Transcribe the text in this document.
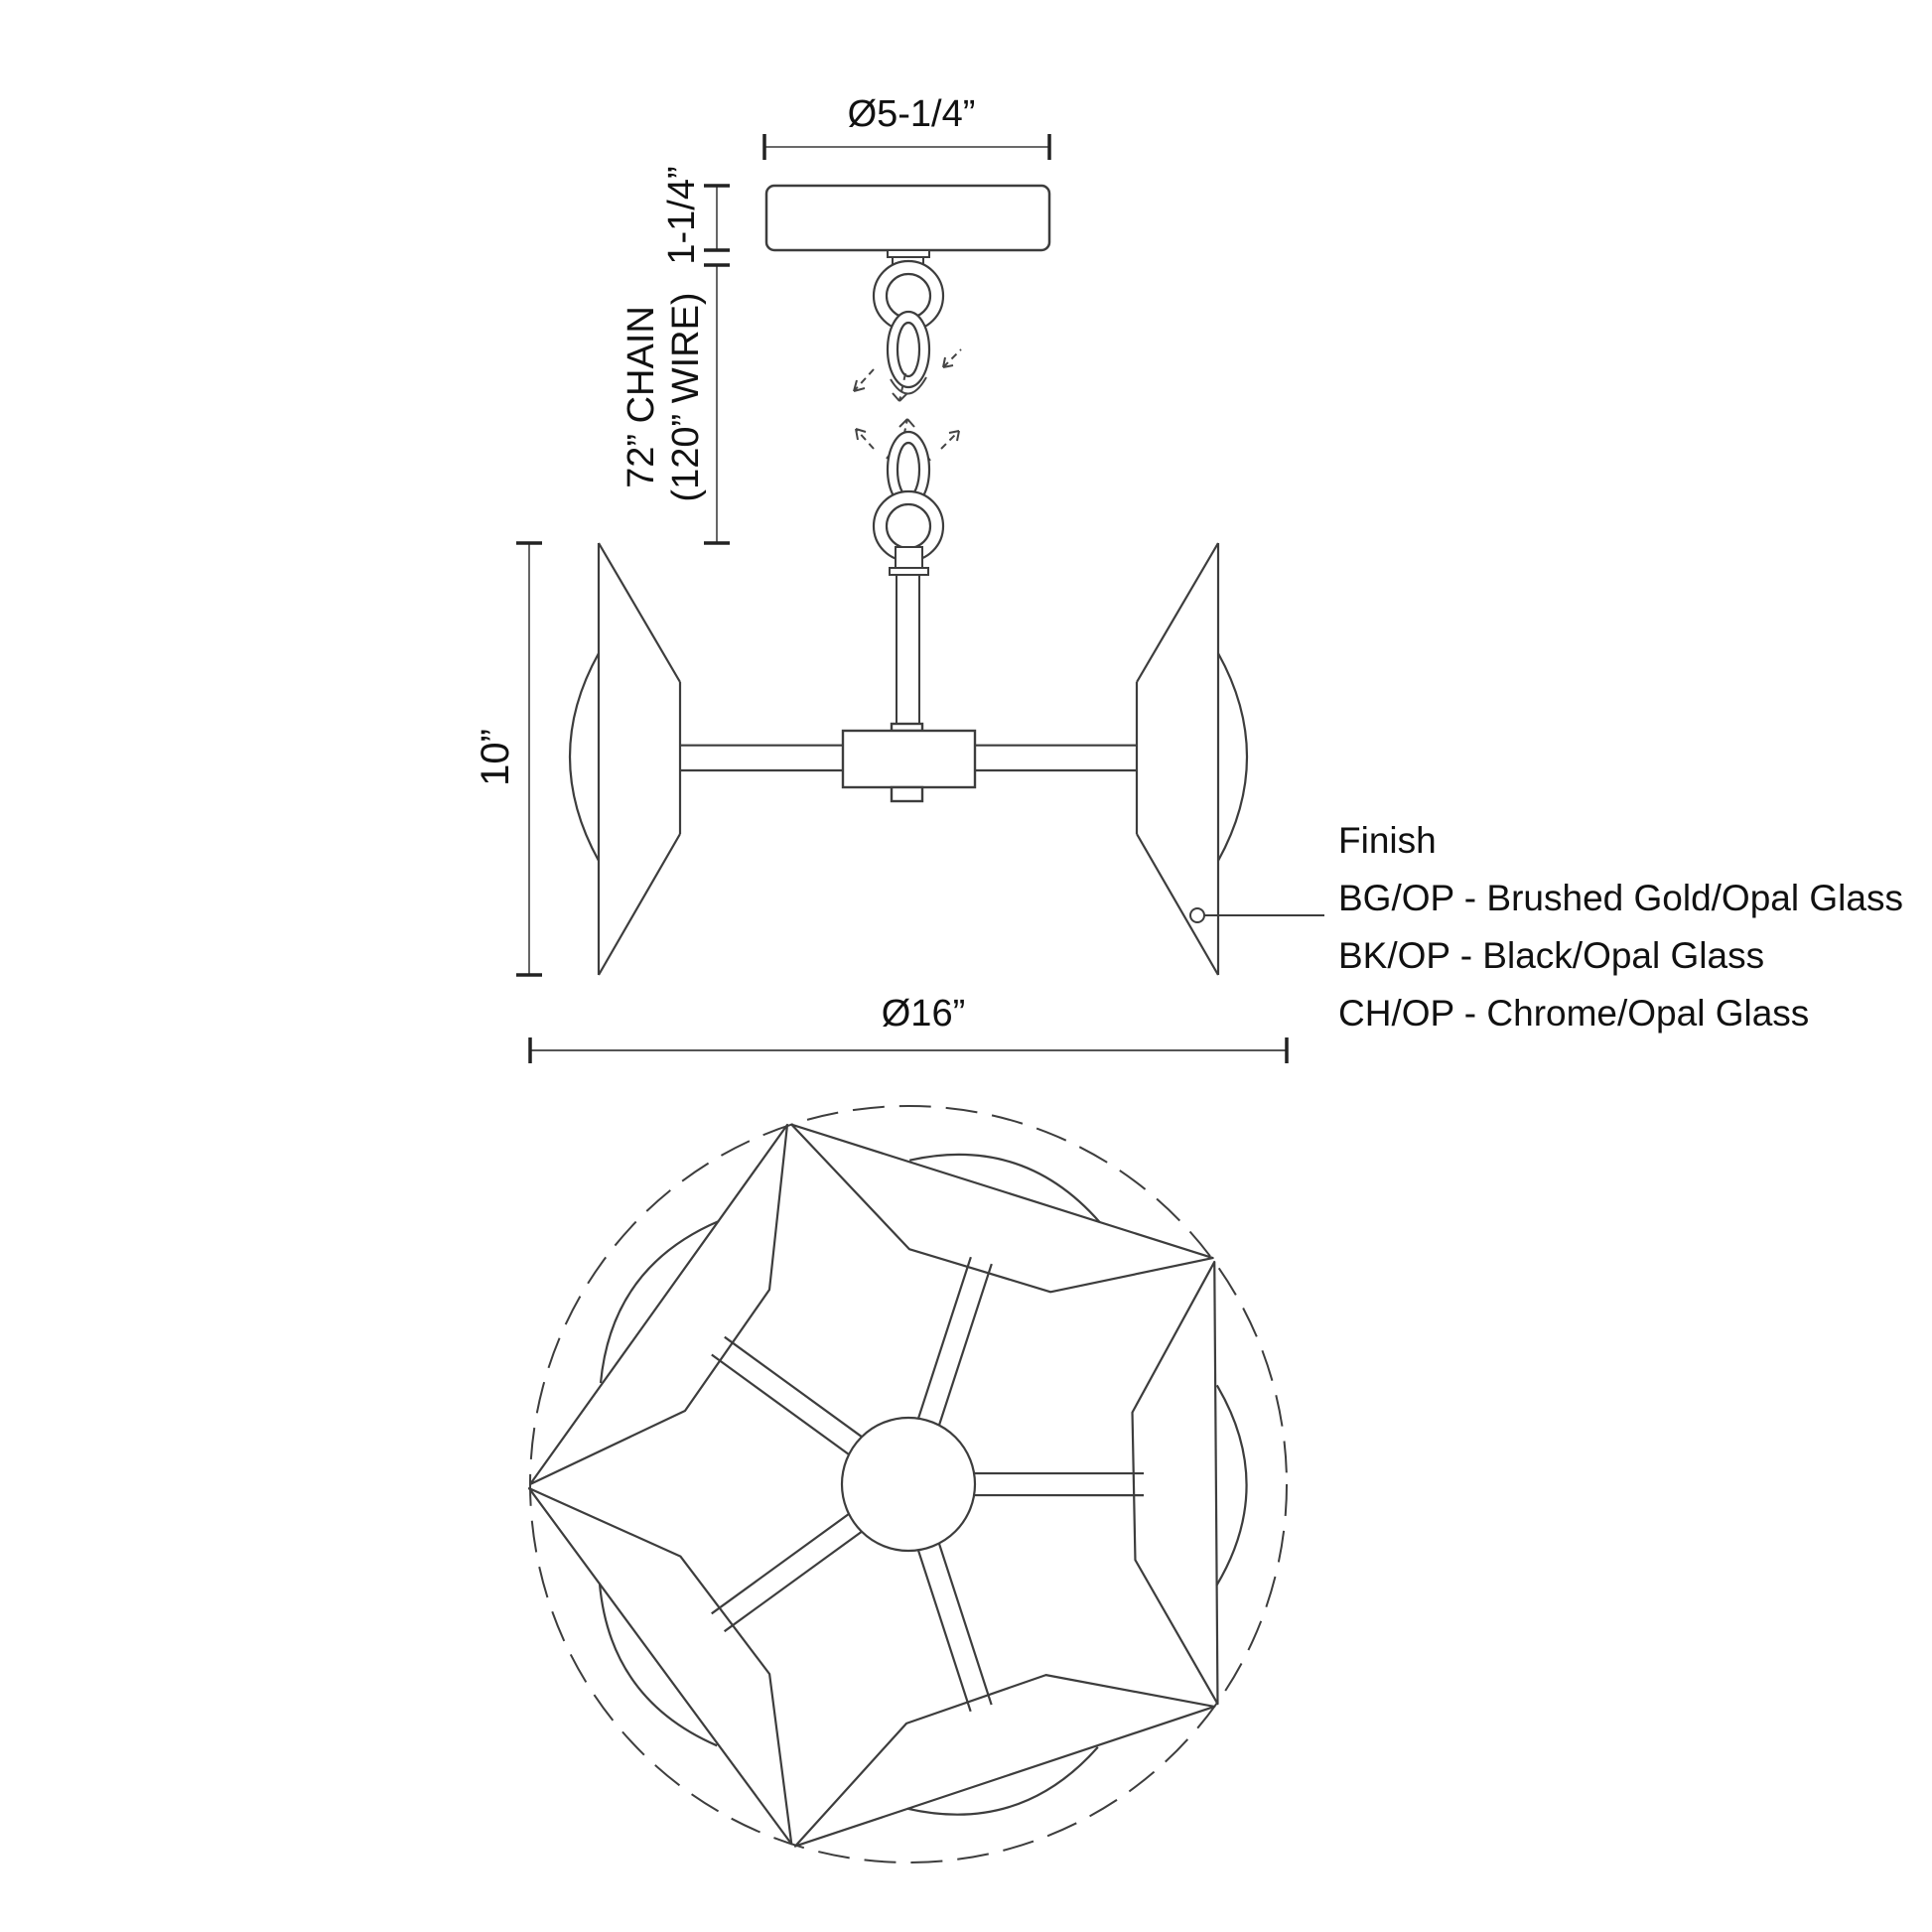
Ø5-1/4”
1-1/4”
72” CHAIN (120” WIRE)
10”
Ø16”
Finish
BG/OP - Brushed Gold/Opal Glass
BK/OP - Black/Opal Glass
CH/OP - Chrome/Opal Glass
